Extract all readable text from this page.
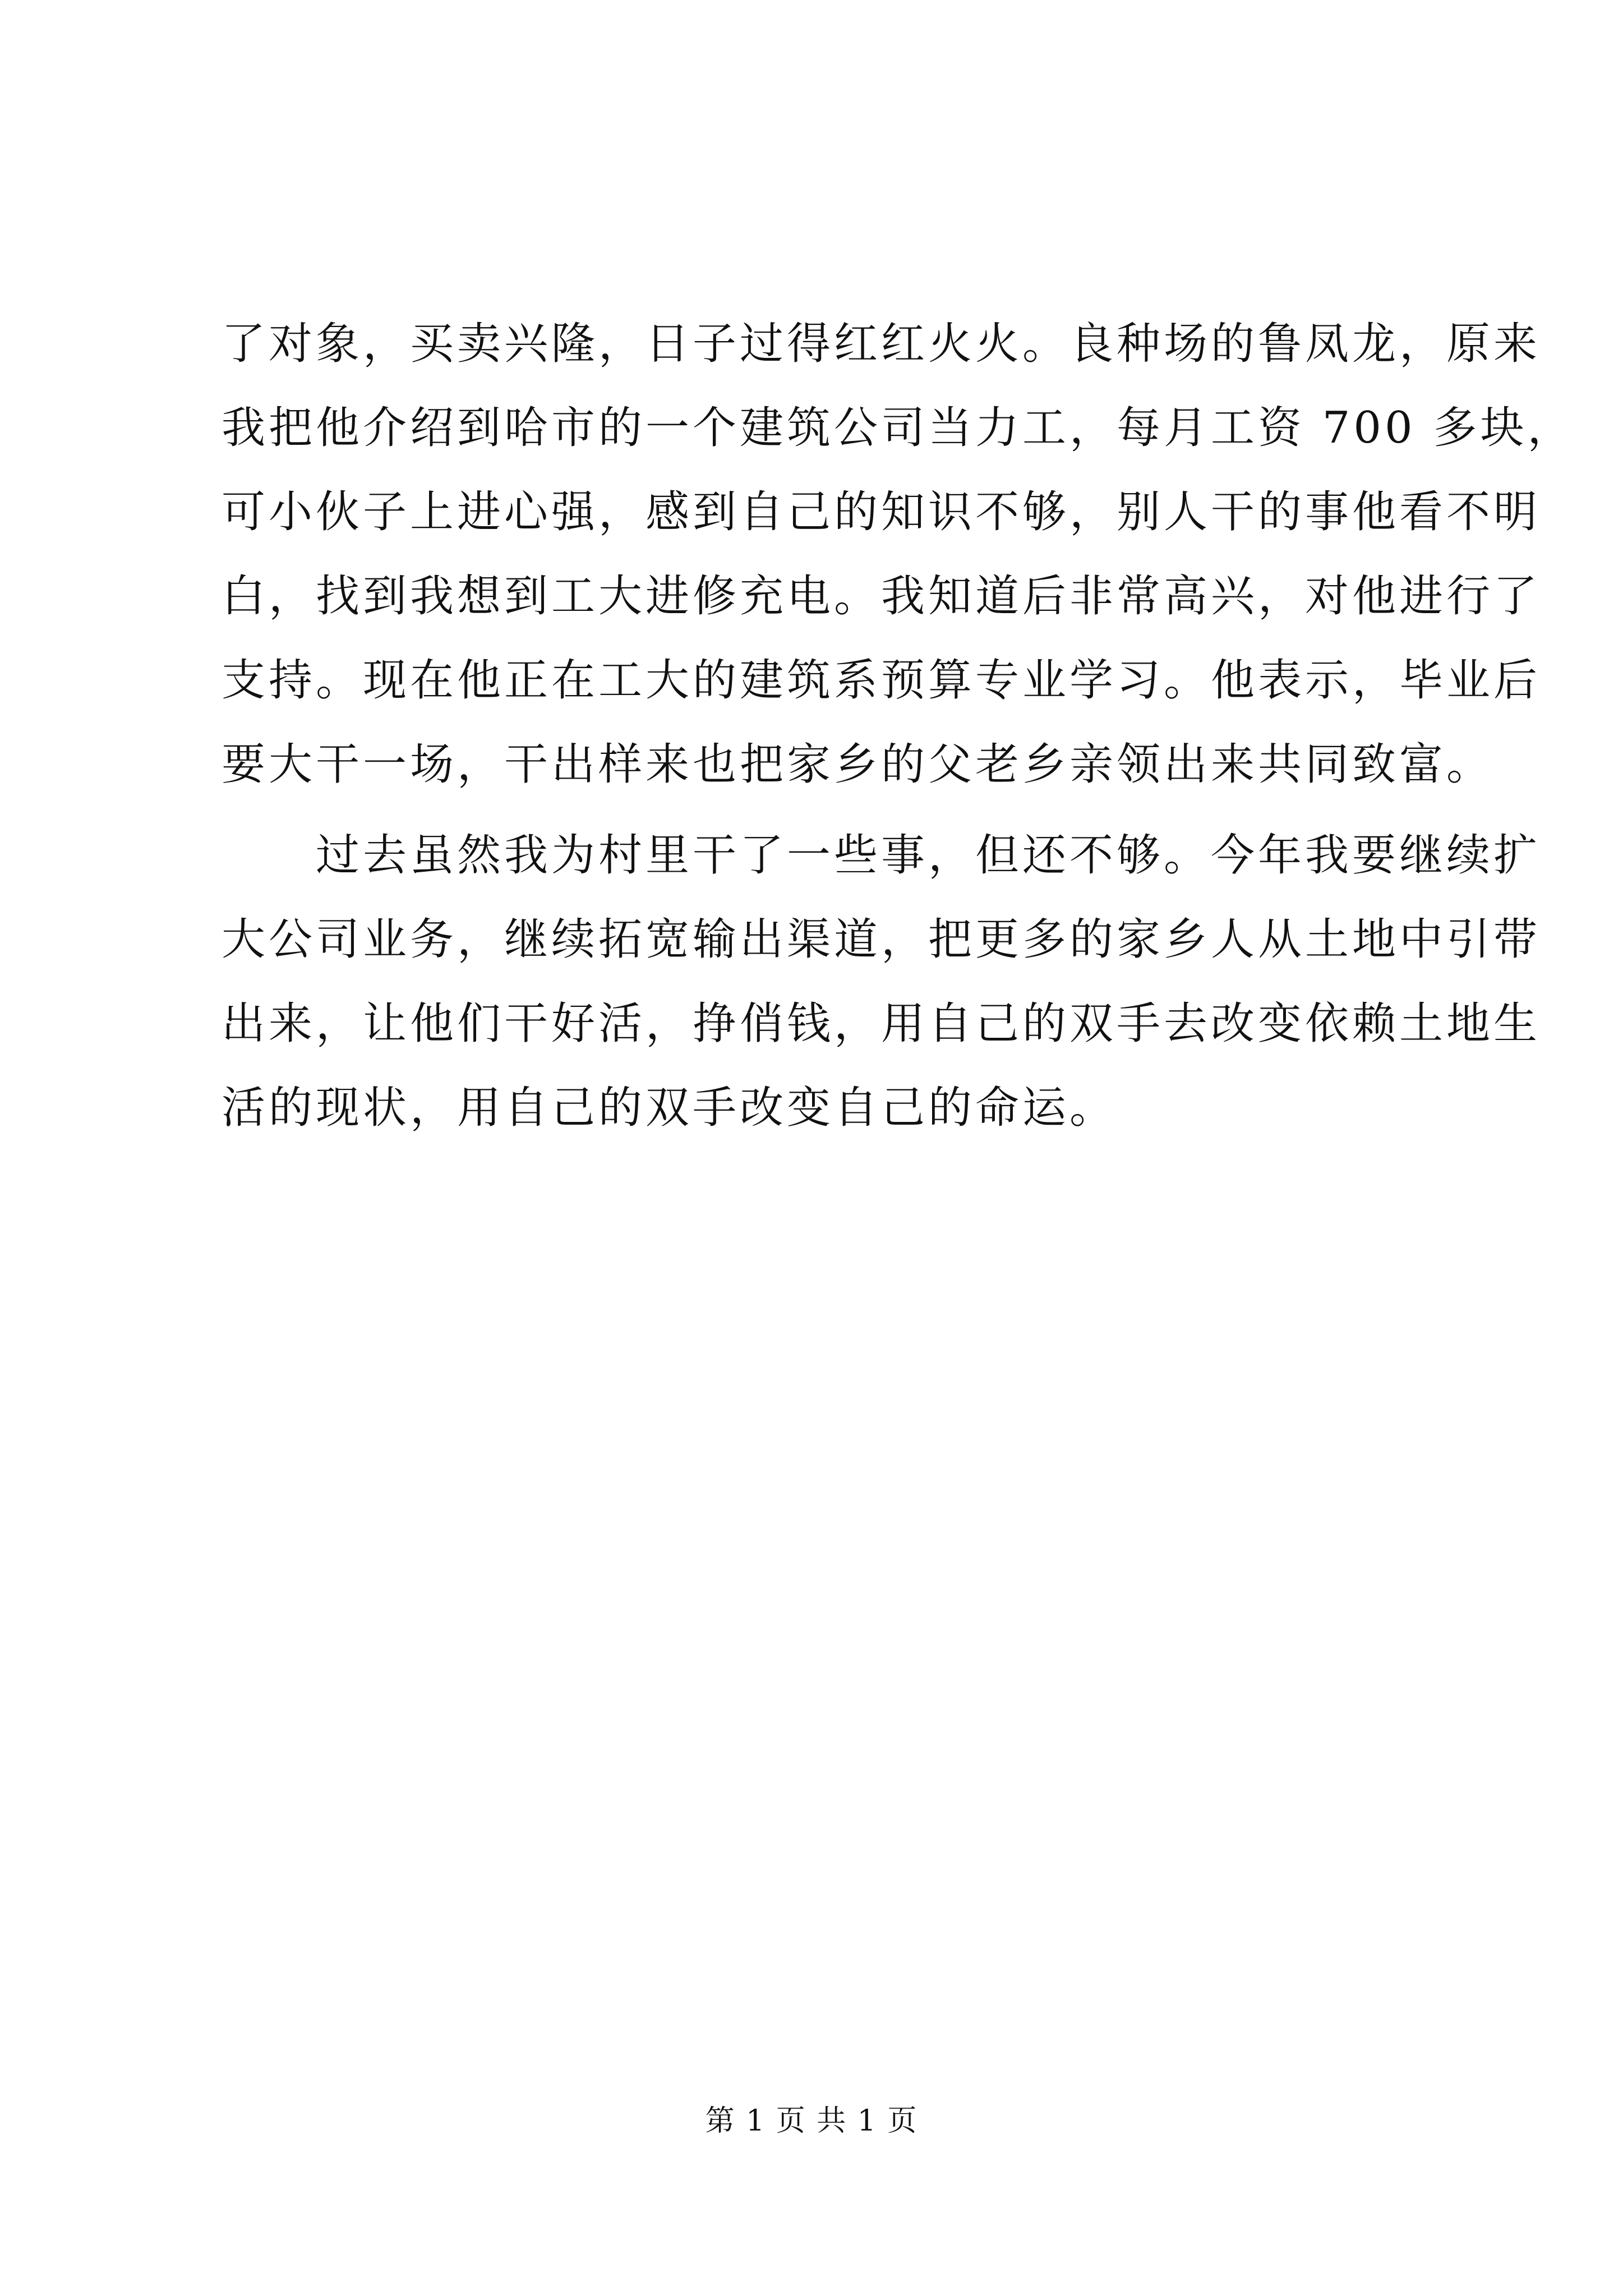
了对象，买卖兴隆，日子过得红红火火。良种场的鲁凤龙，原来
我把他介绍到哈市的一个建筑公司当力工，每月工资 700 多块，
可小伙子上进心强，感到自己的知识不够，别人干的事他看不明
白，找到我想到工大进修充电。我知道后非常高兴，对他进行了
支持。现在他正在工大的建筑系预算专业学习。他表示，毕业后
要大干一场，干出样来也把家乡的父老乡亲领出来共同致富。
　　过去虽然我为村里干了一些事，但还不够。今年我要继续扩
大公司业务，继续拓宽输出渠道，把更多的家乡人从土地中引带
出来，让他们干好活，挣俏钱，用自己的双手去改变依赖土地生
活的现状，用自己的双手改变自己的命运。
第 1 页 共 1 页
